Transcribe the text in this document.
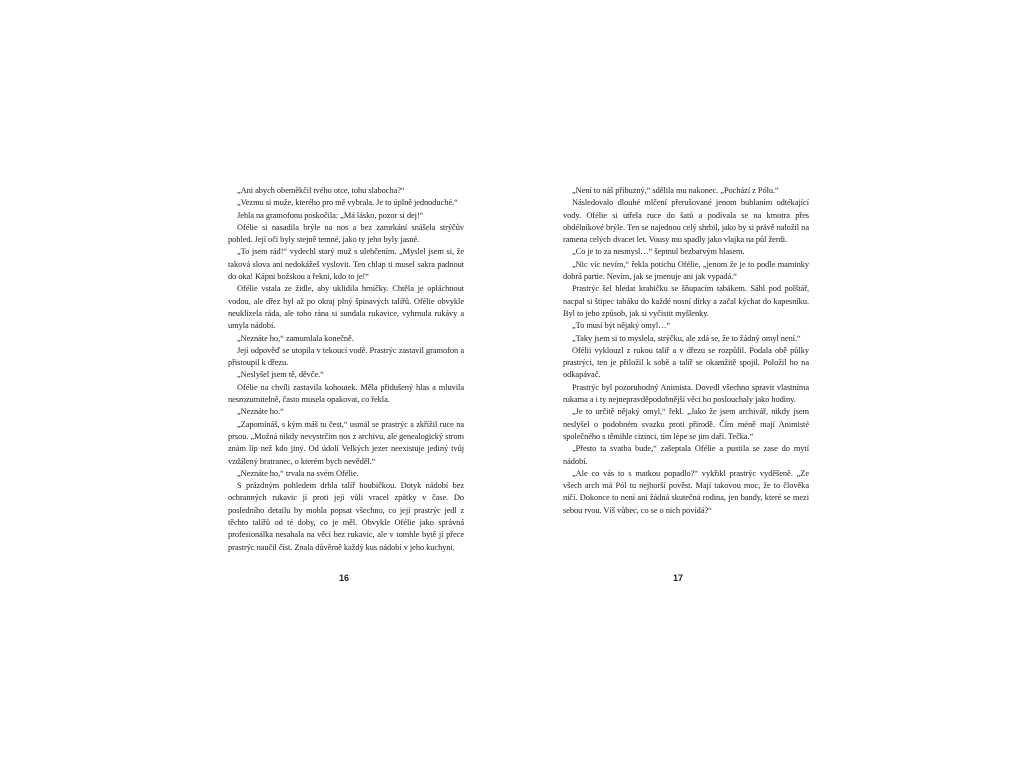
„Ani abych obeměkčil tvého otce, tohu slabocha?“

„Vezmu si muže, kterého pro mě vybrala. Je to úplně jednoduché.“

Jehla na gramofonu poskočila: „Má lásko, pozor si dej!“

Ofélie si nasadila brýle na nos a bez zamrkání snášela strýčův pohled. Její oči byly stejně temné, jako ty jeho byly jasné.

„To jsem rád!“ vydechl starý muž s ulehčením. „Myslel jsem si, že taková slova ani nedokážeš vyslovit. Ten chlap ti musel sakra padnout do oka! Kápni božskou a řekni, kdo to je!“

Ofélie vstala ze židle, aby uklidila hrníčky. Chtěla je opláchnout vodou, ale dřez byl až po okraj plný špinavých talířů. Ofélie obvykle neuklízela ráda, ale tobo rána si sundala rukavice, vyhrnula rukávy a umyla nádobí.

„Neznáte ho,“ zamumlala konečně.

Její odpověď se utopila v tekoucí vodě. Prastrýc zastavil gramofon a přistoupil k dřezu.

„Neslyšel jsem tě, děvče.“

Ofélie na chvíli zastavila kohoutek. Měla přidušený hlas a mluvila nesrozumitelně, často musela opakovat, co řekla.

„Neznáte ho.“

„Zapomínáš, s kým máš tu čest,“ usmál se prastrýc a zkřížil ruce na prsou. „Možná nikdy nevystrčím nos z archivu, ale genealogický strom znám líp než kdo jiný. Od údolí Velkých jezer neexistuje jediný tvůj vzdálený bratranec, o kterém bych nevěděl.“

„Neznáte ho,“ trvala na svém Ofélie.

S prázdným pohledem drhla talíř houbičkou. Dotyk nádobí bez ochranných rukavic jí proti její vůli vracel zpátky v čase. Do posledního detailu by mohla popsat všechno, co její prastrýc jedl z těchto talířů od té doby, co je měl. Obvykle Ofélie jako správná profesionálka nesahala na věci bez rukavic, ale v tomhle bytě jí přece prastrýc naučil číst. Znala důvěrně každý kus nádobí v jeho kuchyni.

16

„Není to náš příbuzný,“ sdělila mu nakonec. „Pochází z Pólu.“

Následovalo dlouhé mlčení přerušované jenom bublaním odtékající vody. Ofélie si utřela ruce do šatů a podívala se na kmotra přes obdélníkové brýle. Ten se najednou celý shrbil, jako by si právě naložil na ramena celých dvacet let. Vousy mu spadly jako vlajka na půl žerdi.

„Co je to za nesmysl…“ šeptnul bezbarvým hlasem.

„Nic víc nevím,“ řekla potichu Ofélie, „jenom že je to podle maminky dobrá partie. Nevím, jak se jmenuje ani jak vypadá.“

Prastrýc šel hledat krabičku se šňupacím tabákem. Sáhl pod polštář, nacpal si štipec tabáku do každé nosní dírky a začal kýchat do kapesníku. Byl to jeho způsob, jak si vyčistit myšlenky.

„To musí být nějaký omyl…“

„Taky jsem si to myslela, strýčku, ale zdá se, že to žádný omyl není.“

Ofélii vyklouzl z rukou talíř a v dřezu se rozpůlil. Podala obě půlky prastrýci, ten je přiložil k sobě a talíř se okamžitě spojil. Položil ho na odkapávač.

Prastrýc byl pozoruhodný Animista. Dovedl všechno spravit vlastníma rukama a i ty nejnepravděpodobnější věci ho poslouchaly jako hodiny.

„Je to určitě nějaký omyl,“ řekl. „Jako že jsem archivář, nikdy jsem neslyšel o podobném svazku proti přírodě. Čím méně mají Animisté společného s těmihle cizinci, tím lépe se jim daří. Tečka.“

„Přesto ta svatba bude,“ zašeptala Ofélie a pustila se zase do mytí nádobí.

„Ale co vás to s matkou popadlo?“ vykřikl prastrýc vyděšeně. „Ze všech arch má Pól tu nejhorší pověst. Mají takovou moc, že to člověka ničí. Dokonce to není ani žádná skutečná rodina, jen bandy, které se mezi sebou rvou. Víš vůbec, co se o nich povídá?“

17
